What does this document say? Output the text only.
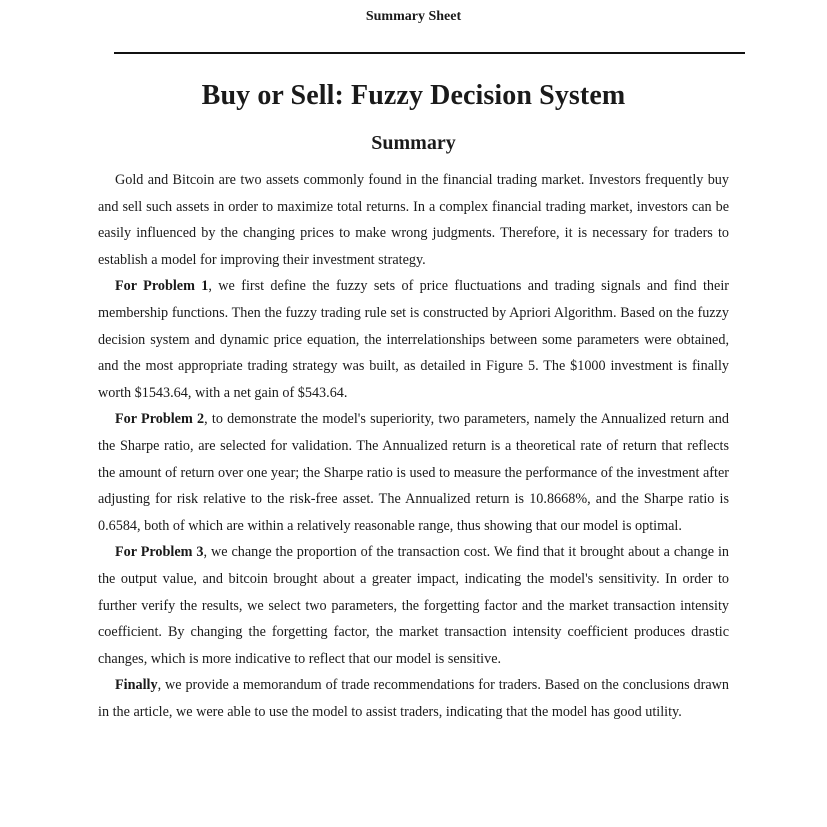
Summary Sheet
Buy or Sell: Fuzzy Decision System
Summary

Gold and Bitcoin are two assets commonly found in the financial trading market. Investors frequently buy and sell such assets in order to maximize total returns. In a complex financial trading market, investors can be easily influenced by the changing prices to make wrong judgments. Therefore, it is necessary for traders to establish a model for improving their investment strategy.

For Problem 1, we first define the fuzzy sets of price fluctuations and trading signals and find their membership functions. Then the fuzzy trading rule set is constructed by Apriori Algorithm. Based on the fuzzy decision system and dynamic price equation, the interrelationships between some parameters were obtained, and the most appropriate trading strategy was built, as detailed in Figure 5. The $1000 investment is finally worth $1543.64, with a net gain of $543.64.

For Problem 2, to demonstrate the model's superiority, two parameters, namely the Annualized return and the Sharpe ratio, are selected for validation. The Annualized return is a theoretical rate of return that reflects the amount of return over one year; the Sharpe ratio is used to measure the performance of the investment after adjusting for risk relative to the risk-free asset. The Annualized return is 10.8668%, and the Sharpe ratio is 0.6584, both of which are within a relatively reasonable range, thus showing that our model is optimal.

For Problem 3, we change the proportion of the transaction cost. We find that it brought about a change in the output value, and bitcoin brought about a greater impact, indicating the model's sensitivity. In order to further verify the results, we select two parameters, the forgetting factor and the market transaction intensity coefficient. By changing the forgetting factor, the market transaction intensity coefficient produces drastic changes, which is more indicative to reflect that our model is sensitive.

Finally, we provide a memorandum of trade recommendations for traders. Based on the conclusions drawn in the article, we were able to use the model to assist traders, indicating that the model has good utility.
